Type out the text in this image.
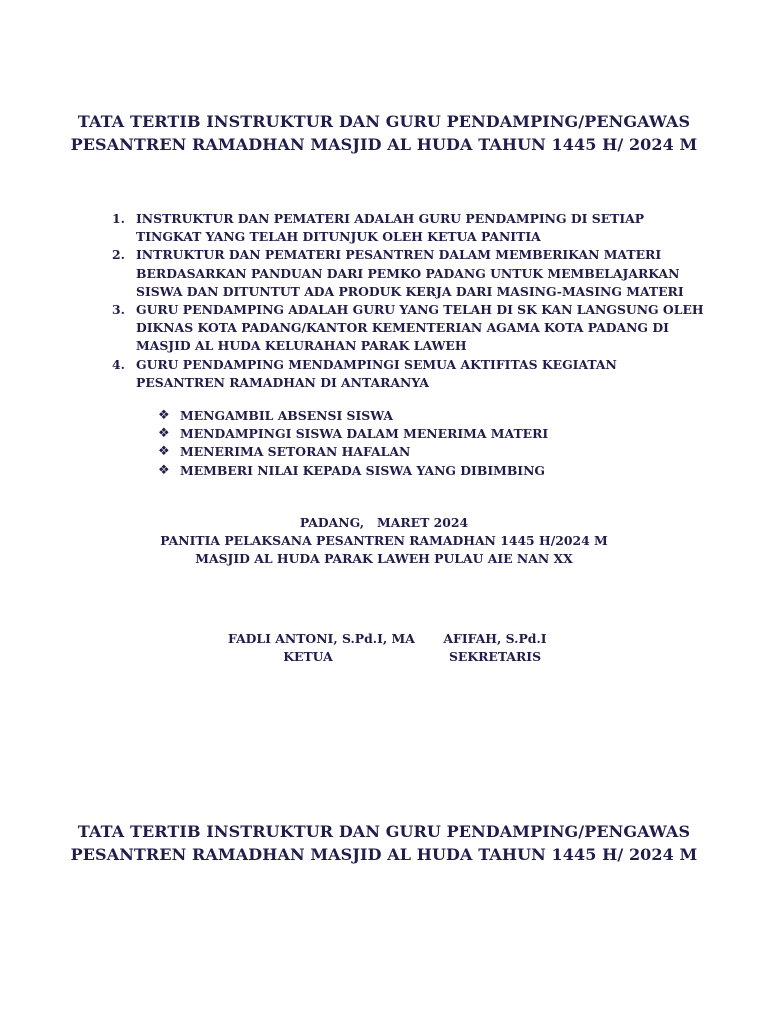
TATA TERTIB INSTRUKTUR DAN GURU PENDAMPING/PENGAWAS
PESANTREN RAMADHAN MASJID AL HUDA TAHUN 1445 H/ 2024 M
1. INSTRUKTUR DAN PEMATERI ADALAH GURU PENDAMPING DI SETIAP
TINGKAT YANG TELAH DITUNJUK OLEH KETUA PANITIA
2. INTRUKTUR DAN PEMATERI PESANTREN DALAM MEMBERIKAN MATERI
BERDASARKAN PANDUAN DARI PEMKO PADANG UNTUK MEMBELAJARKAN
SISWA DAN DITUNTUT ADA PRODUK KERJA DARI MASING-MASING MATERI
3. GURU PENDAMPING ADALAH GURU YANG TELAH DI SK KAN LANGSUNG OLEH
DIKNAS KOTA PADANG/KANTOR KEMENTERIAN AGAMA KOTA PADANG DI
MASJID AL HUDA KELURAHAN PARAK LAWEH
4. GURU PENDAMPING MENDAMPINGI SEMUA AKTIFITAS KEGIATAN
PESANTREN RAMADHAN DI ANTARANYA
❖ MENGAMBIL ABSENSI SISWA
❖ MENDAMPINGI SISWA DALAM MENERIMA MATERI
❖ MENERIMA SETORAN HAFALAN
❖ MEMBERI NILAI KEPADA SISWA YANG DIBIMBING
PADANG,   MARET 2024
PANITIA PELAKSANA PESANTREN RAMADHAN 1445 H/2024 M
MASJID AL HUDA PARAK LAWEH PULAU AIE NAN XX
FADLI ANTONI, S.Pd.I, MA
KETUA
AFIFAH, S.Pd.I
SEKRETARIS
TATA TERTIB INSTRUKTUR DAN GURU PENDAMPING/PENGAWAS
PESANTREN RAMADHAN MASJID AL HUDA TAHUN 1445 H/ 2024 M
